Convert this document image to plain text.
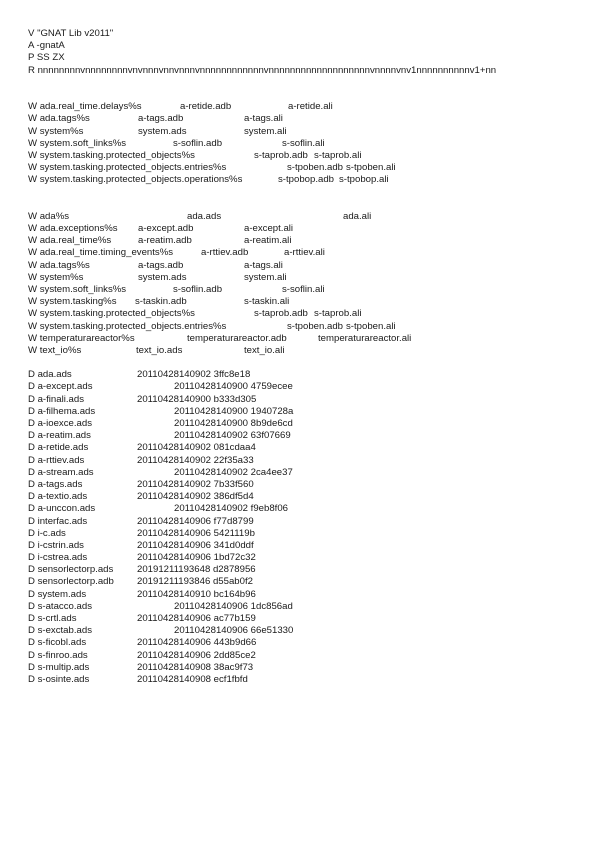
V "GNAT Lib v2011"
A -gnatA
P SS ZX
R nnnnnnnnvnnnnnnnnvnvnnnvnnvnnnvnnnnnnnnnnnnvnnnnnnnnnnnnnnnnnnnvnnnnvnv1nnnnnnnnnnv1+nn

W ada.real_time.delays%s	a-retide.adb	a-retide.ali
W ada.tags%s	a-tags.adb	a-tags.ali
W system%s	system.ads	system.ali
W system.soft_links%s	s-soflin.adb	s-soflin.ali
W system.tasking.protected_objects%s	s-taprob.adb s-taprob.ali
W system.tasking.protected_objects.entries%s	s-tpoben.adb s-tpoben.ali
W system.tasking.protected_objects.operations%s	s-tpobop.adb s-tpobop.ali

W ada%s	ada.ads	ada.ali
W ada.exceptions%s a-except.adb	a-except.ali
W ada.real_time%s	a-reatim.adb	a-reatim.ali
W ada.real_time.timing_events%s	a-rttiev.adb	a-rttiev.ali
W ada.tags%s	a-tags.adb	a-tags.ali
W system%s	system.ads	system.ali
W system.soft_links%s	s-soflin.adb	s-soflin.ali
W system.tasking%s s-taskin.adb	s-taskin.ali
W system.tasking.protected_objects%s	s-taprob.adb s-taprob.ali
W system.tasking.protected_objects.entries%s	s-tpoben.adb s-tpoben.ali
W temperaturareactor%s	temperaturareactor.adb	temperaturareactor.ali
W text_io%s	text_io.ads	text_io.ali
D ada.ads	20110428140902 3ffc8e18
D a-except.ads	20110428140900 4759ecee
D a-finali.ads	20110428140900 b333d305
D a-filhema.ads	20110428140900 1940728a
D a-ioexce.ads	20110428140900 8b9de6cd
D a-reatim.ads	20110428140902 63f07669
D a-retide.ads	20110428140902 081cdaa4
D a-rttiev.ads	20110428140902 22f35a33
D a-stream.ads	20110428140902 2ca4ee37
D a-tags.ads	20110428140902 7b33f560
D a-textio.ads	20110428140902 386df5d4
D a-unccon.ads	20110428140902 f9eb8f06
D interfac.ads	20110428140906 f77d8799
D i-c.ads	20110428140906 5421119b
D i-cstrin.ads	20110428140906 341d0ddf
D i-cstrea.ads	20110428140906 1bd72c32
D sensorlectorp.ads 20191211193648 d2878956
D sensorlectorp.adb 20191211193846 d55ab0f2
D system.ads	20110428140910 bc164b96
D s-atacco.ads	20110428140906 1dc856ad
D s-crtl.ads	20110428140906 ac77b159
D s-exctab.ads	20110428140906 66e51330
D s-ficobl.ads	20110428140906 443b9d66
D s-finroo.ads	20110428140906 2dd85ce2
D s-multip.ads	20110428140908 38ac9f73
D s-osinte.ads	20110428140908 ecf1fbfd
